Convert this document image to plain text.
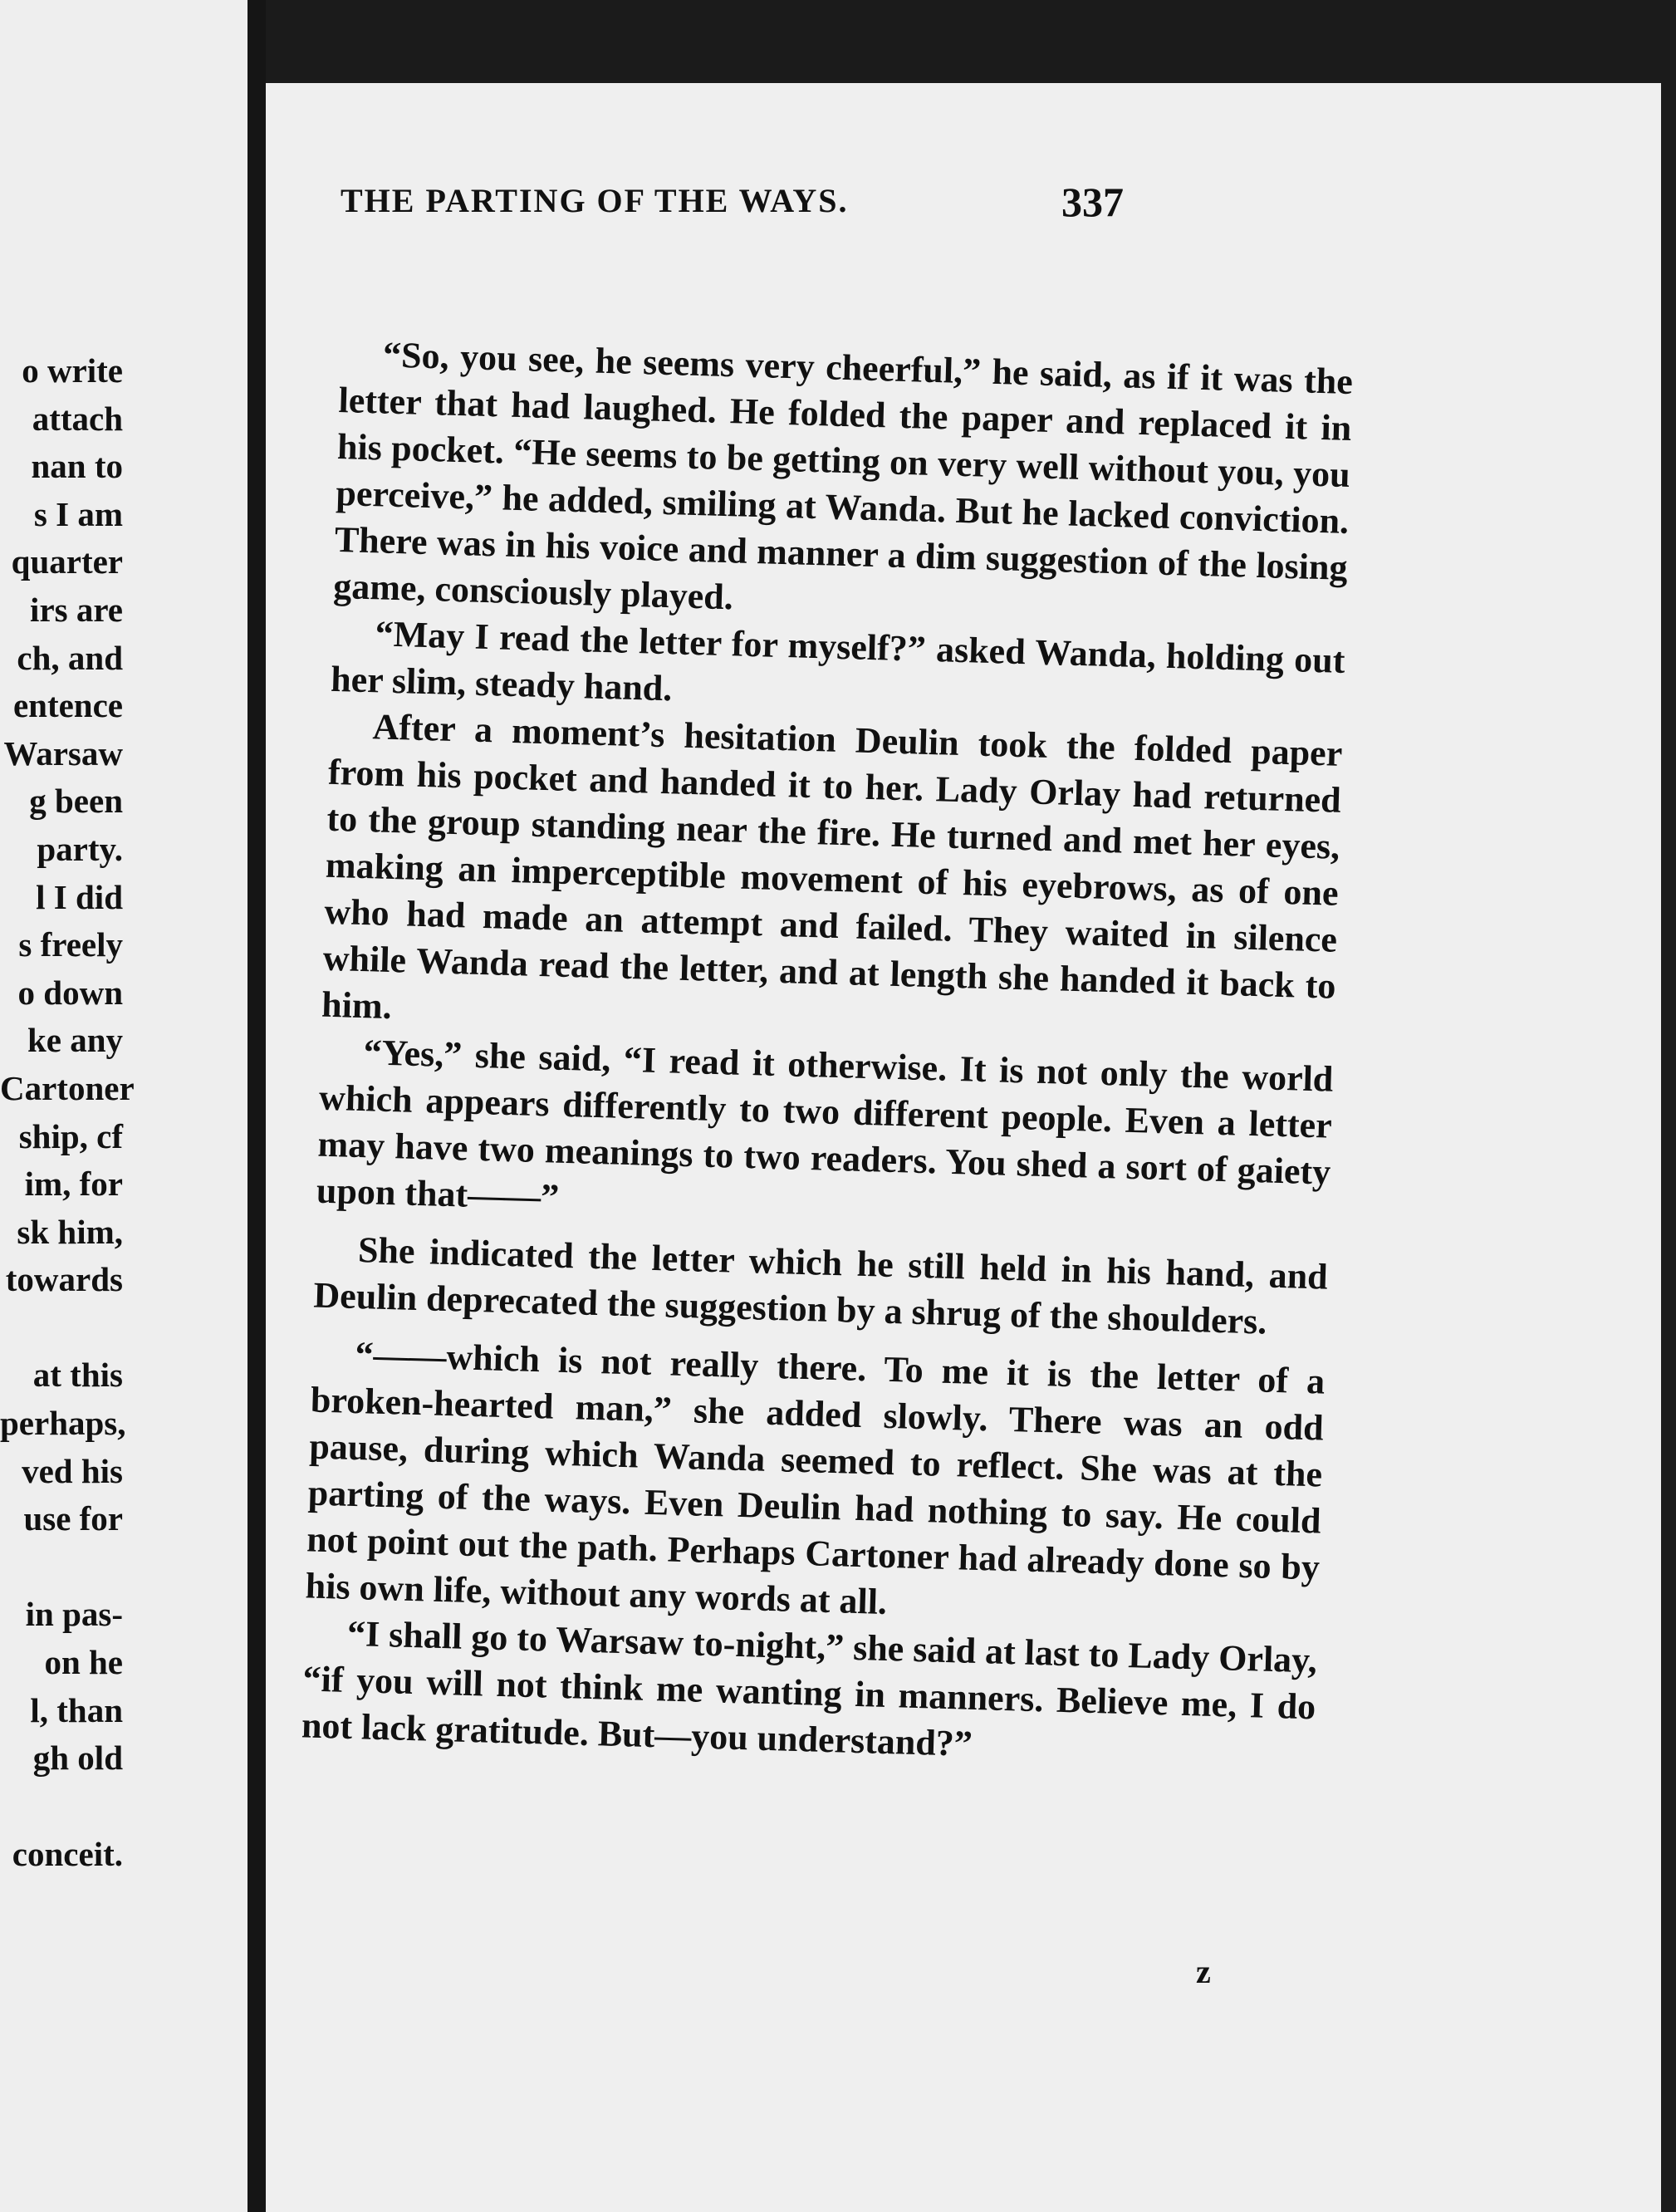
o write
attach
nan to
s I am
quarter
irs are
ch, and
entence
Warsaw
g been
party.
l I did
s freely
o down
ke any
Cartoner
ship, cf
im, for
sk him,
towards

at this
perhaps,
ved his
use for

in pas-
on he
l, than
gh old
conceit.
THE PARTING OF THE WAYS.	337

“So, you see, he seems very cheerful,” he said, as if it was the letter that had laughed. He folded the paper and replaced it in his pocket. “He seems to be getting on very well without you, you perceive,” he added, smiling at Wanda. But he lacked conviction. There was in his voice and manner a dim suggestion of the losing game, consciously played.

“May I read the letter for myself?” asked Wanda, holding out her slim, steady hand.

After a moment’s hesitation Deulin took the folded paper from his pocket and handed it to her. Lady Orlay had returned to the group standing near the fire. He turned and met her eyes, making an imperceptible movement of his eyebrows, as of one who had made an attempt and failed. They waited in silence while Wanda read the letter, and at length she handed it back to him.

“Yes,” she said, “I read it otherwise. It is not only the world which appears differently to two different people. Even a letter may have two meanings to two readers. You shed a sort of gaiety upon that——”

She indicated the letter which he still held in his hand, and Deulin deprecated the suggestion by a shrug of the shoulders.

“——which is not really there. To me it is the letter of a broken-hearted man,” she added slowly. There was an odd pause, during which Wanda seemed to reflect. She was at the parting of the ways. Even Deulin had nothing to say. He could not point out the path. Perhaps Cartoner had already done so by his own life, without any words at all.

“I shall go to Warsaw to-night,” she said at last to Lady Orlay, “if you will not think me wanting in manners. Believe me, I do not lack gratitude. But—you understand?”

z
